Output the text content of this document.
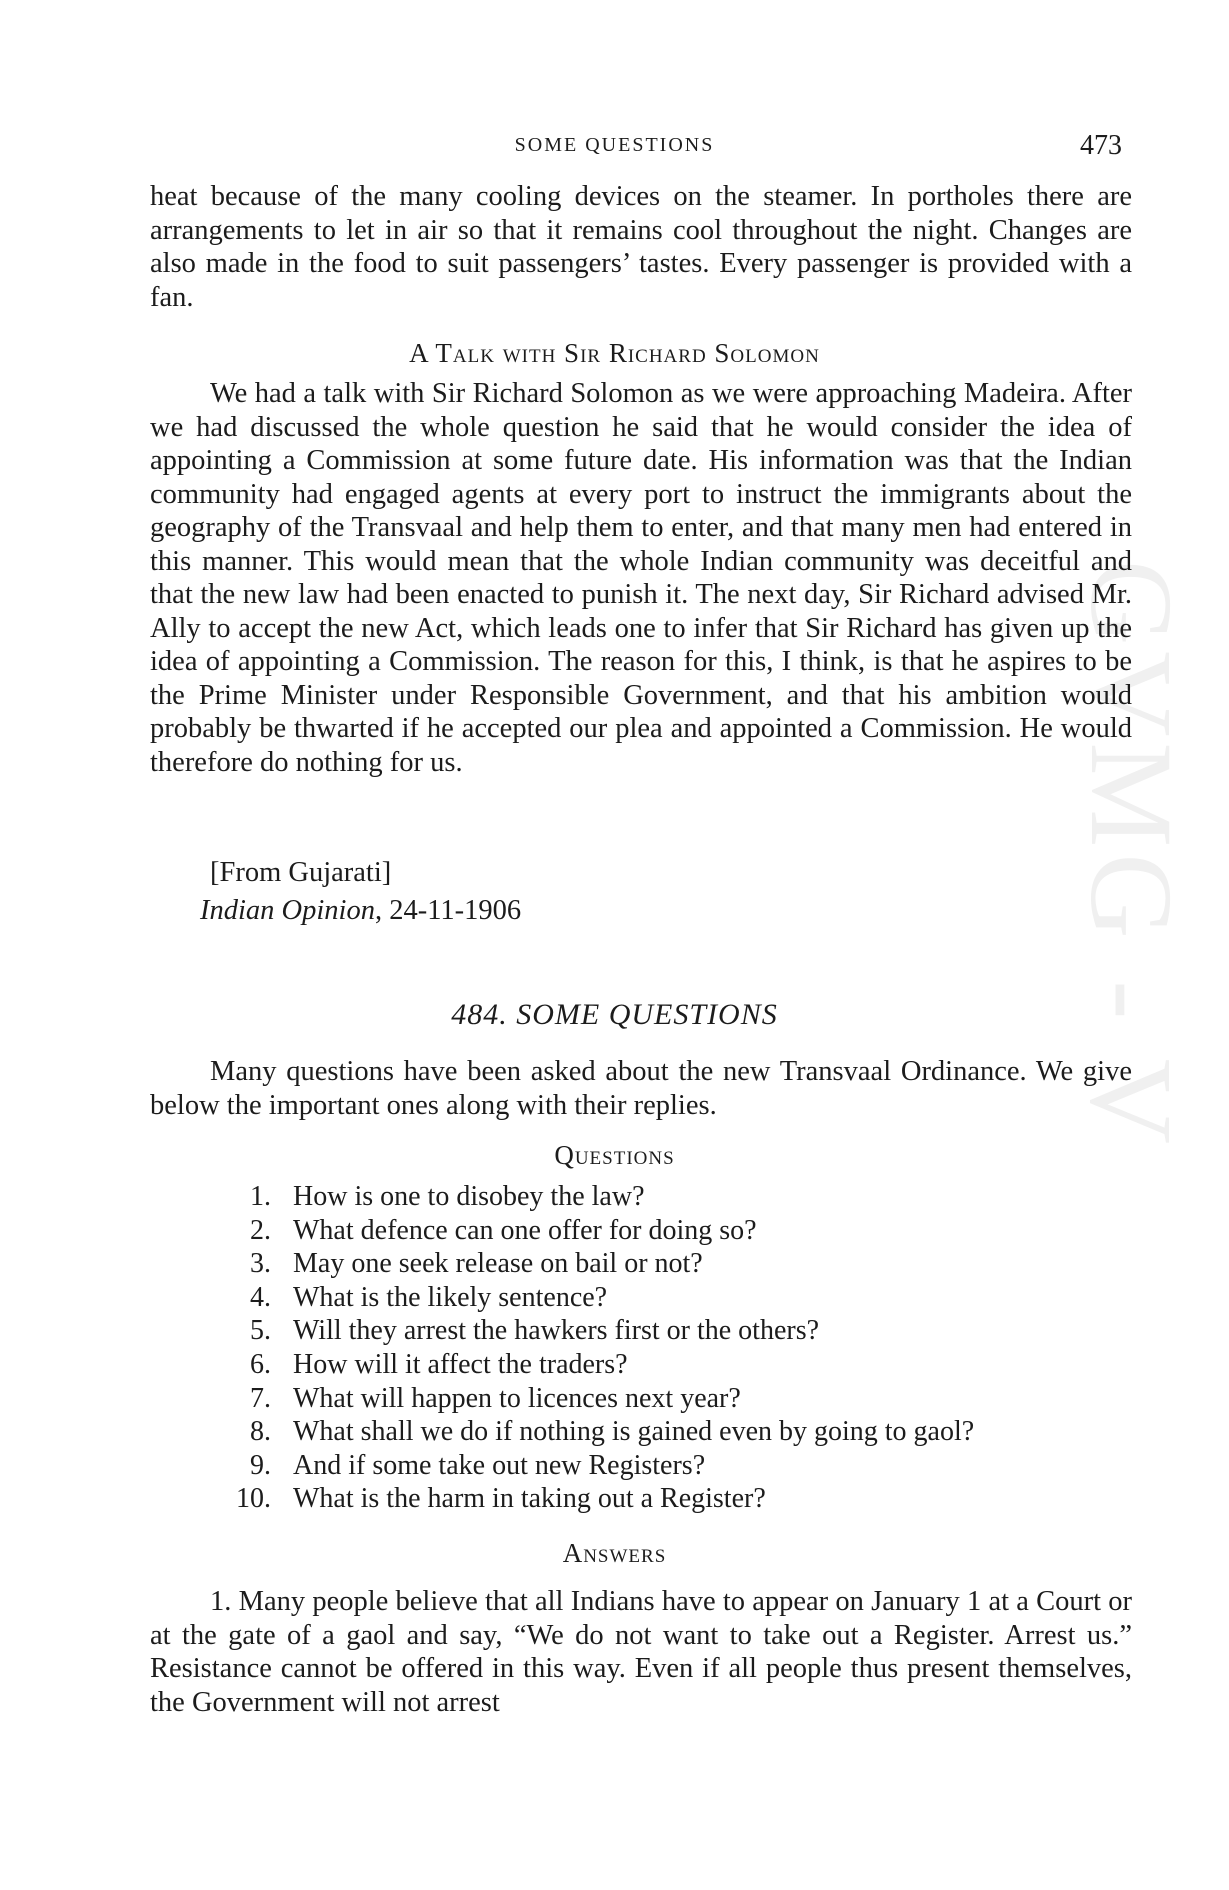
GVMG - V
SOME QUESTIONS	473
heat because of the many cooling devices on the steamer. In portholes there are arrangements to let in air so that it remains cool throughout the night. Changes are also made in the food to suit passengers’ tastes. Every passenger is provided with a fan.
A Talk with Sir Richard Solomon
We had a talk with Sir Richard Solomon as we were approaching Madeira. After we had discussed the whole question he said that he would consider the idea of appointing a Commission at some future date. His information was that the Indian community had engaged agents at every port to instruct the immigrants about the geography of the Transvaal and help them to enter, and that many men had entered in this manner. This would mean that the whole Indian community was deceitful and that the new law had been enacted to punish it. The next day, Sir Richard advised Mr. Ally to accept the new Act, which leads one to infer that Sir Richard has given up the idea of appointing a Commission. The reason for this, I think, is that he aspires to be the Prime Minister under Responsible Government, and that his ambition would probably be thwarted if he accepted our plea and appointed a Commission. He would therefore do nothing for us.
[From Gujarati]
Indian Opinion, 24-11-1906
484. SOME QUESTIONS
Many questions have been asked about the new Transvaal Ordinance. We give below the important ones along with their replies.
Questions
1. How is one to disobey the law?
2. What defence can one offer for doing so?
3. May one seek release on bail or not?
4. What is the likely sentence?
5. Will they arrest the hawkers first or the others?
6. How will it affect the traders?
7. What will happen to licences next year?
8. What shall we do if nothing is gained even by going to gaol?
9. And if some take out new Registers?
10. What is the harm in taking out a Register?
Answers
1. Many people believe that all Indians have to appear on January 1 at a Court or at the gate of a gaol and say, “We do not want to take out a Register. Arrest us.” Resistance cannot be offered in this way. Even if all people thus present themselves, the Government will not arrest
